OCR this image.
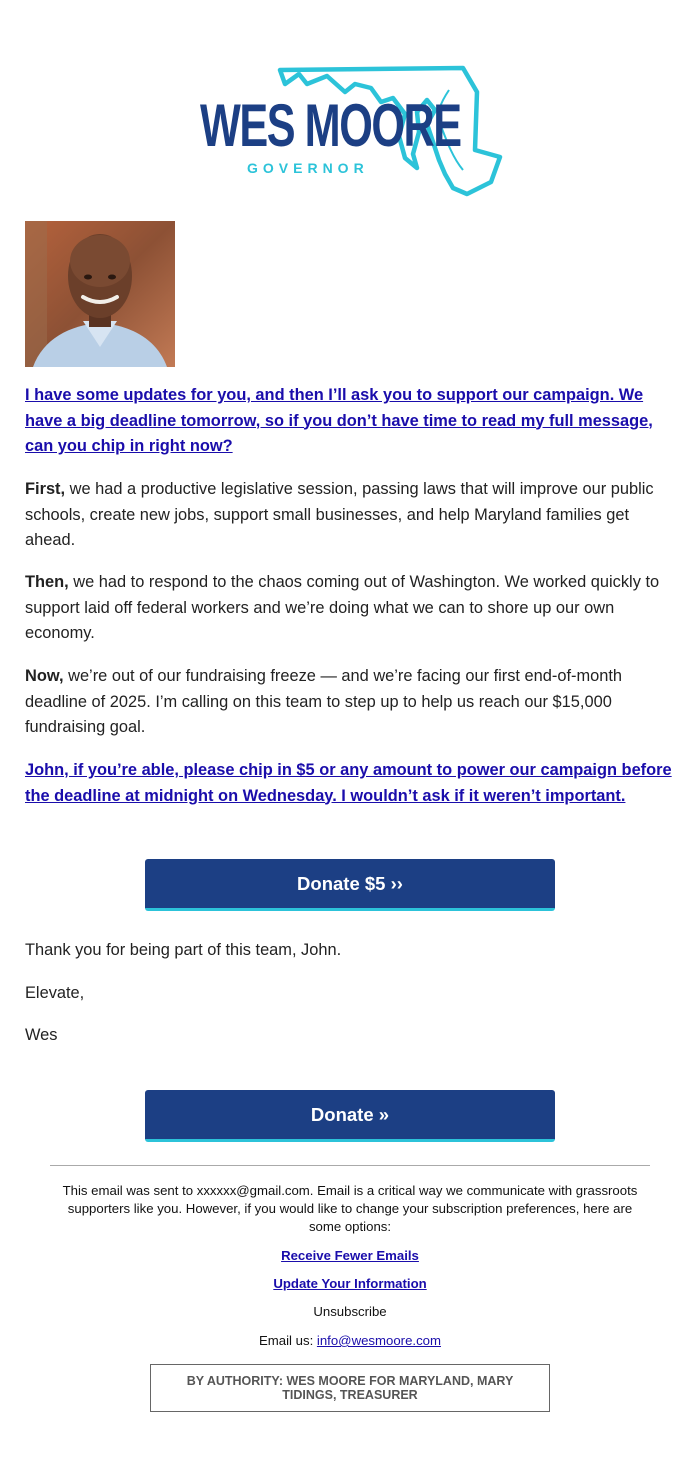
WES MOORE
GOVERNOR

I have some updates for you, and then I’ll ask you to support our campaign. We have a big deadline tomorrow, so if you don’t have time to read my full message, can you chip in right now?

First, we had a productive legislative session, passing laws that will improve our public schools, create new jobs, support small businesses, and help Maryland families get ahead.

Then, we had to respond to the chaos coming out of Washington. We worked quickly to support laid off federal workers and we’re doing what we can to shore up our own economy.

Now, we’re out of our fundraising freeze — and we’re facing our first end-of-month deadline of 2025. I’m calling on this team to step up to help us reach our $15,000 fundraising goal.

John, if you’re able, please chip in $5 or any amount to power our campaign before the deadline at midnight on Wednesday. I wouldn’t ask if it weren’t important.

Donate $5 ››
Thank you for being part of this team, John.
Elevate,
Wes
Donate »
This email was sent to xxxxxx@gmail.com. Email is a critical way we communicate with grassroots supporters like you. However, if you would like to change your subscription preferences, here are some options:
Receive Fewer Emails
Update Your Information
Unsubscribe
Email us: info@wesmoore.com
BY AUTHORITY: WES MOORE FOR MARYLAND, MARY TIDINGS, TREASURER
